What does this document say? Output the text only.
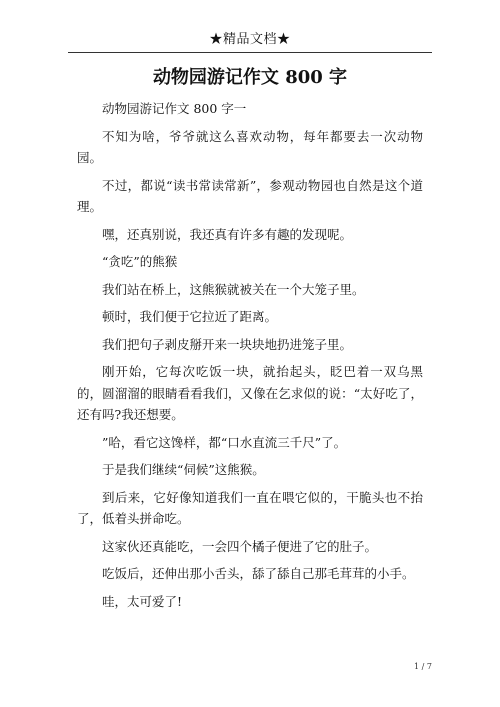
★精品文档★
动物园游记作文 800 字

动物园游记作文 800 字一

不知为啥，爷爷就这么喜欢动物，每年都要去一次动物园。

不过，都说“读书常读常新”，参观动物园也自然是这个道理。

嘿，还真别说，我还真有许多有趣的发现呢。

“贪吃”的熊猴

我们站在桥上，这熊猴就被关在一个大笼子里。

顿时，我们便于它拉近了距离。

我们把句子剥皮掰开来一块块地扔进笼子里。

刚开始，它每次吃饭一块，就抬起头，眨巴着一双乌黑的，圆溜溜的眼睛看看我们，又像在乞求似的说：“太好吃了，还有吗?我还想要。

”哈，看它这馋样，都“口水直流三千尺”了。

于是我们继续“伺候”这熊猴。

到后来，它好像知道我们一直在喂它似的，干脆头也不抬了，低着头拼命吃。

这家伙还真能吃，一会四个橘子便进了它的肚子。

吃饭后，还伸出那小舌头，舔了舔自己那毛茸茸的小手。

哇，太可爱了!

1 / 7
